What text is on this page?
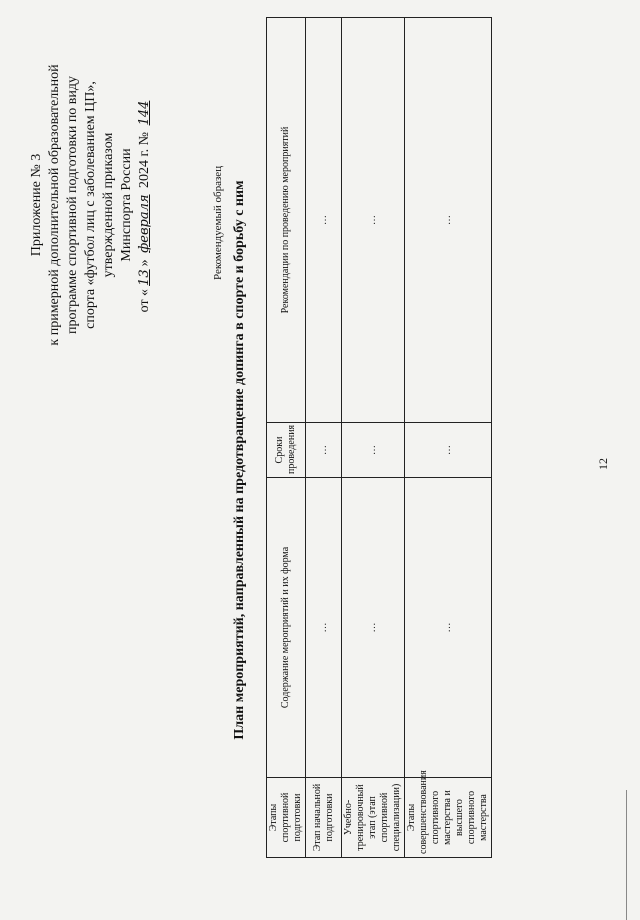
12
Приложение № 3 к примерной дополнительной образовательной программе спортивной подготовки по виду спорта «футбол лиц с заболеванием ЦП», утвержденной приказом Минспорта России
от «13» февраля 2024 г. № 144
Рекомендуемый образец План мероприятий, направленный на предотвращение допинга в спорте и борьбу с ним
Этапы спортивной подготовки	Содержание мероприятий и их форма	Сроки проведения	Рекомендации по проведению мероприятий
Этап начальной подготовки	…	…	…
Учебно-тренировочный этап (этап спортивной специализации)	…	…	…
Этапы совершенствования спортивного мастерства и высшего спортивного мастерства	…	…	…
